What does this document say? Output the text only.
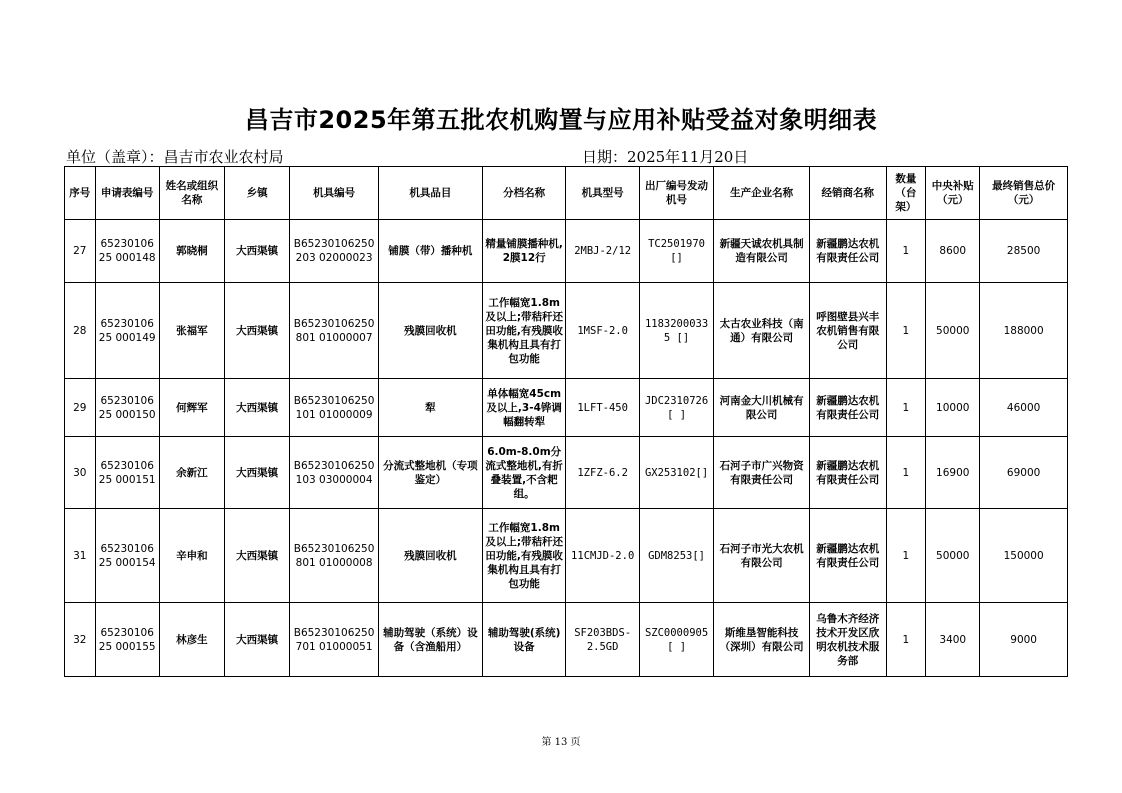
昌吉市2025年第五批农机购置与应用补贴受益对象明细表
单位（盖章）：昌吉市农业农村局	日期：2025年11月20日
序号	申请表编号	姓名或组织名称	乡镇	机具编号	机具品目	分档名称	机具型号	出厂编号发动机号	生产企业名称	经销商名称	数量（台架）	中央补贴（元）	最终销售总价（元）
27	6523010625 000148	郭晓桐	大西渠镇	B65230106250203 02000023	铺膜（带）播种机	精量铺膜播种机,2膜12行	2MBJ-2/12	TC2501970[]	新疆天诚农机具制造有限公司	新疆鹏达农机有限责任公司	1	8600	28500
28	6523010625 000149	张福军	大西渠镇	B65230106250801 01000007	残膜回收机	工作幅宽1.8m及以上;带秸秆还田功能,有残膜收集机构且具有打包功能	1MSF-2.0	11832000335 []	太古农业科技（南通）有限公司	呼图壁县兴丰农机销售有限公司	1	50000	188000
29	6523010625 000150	何辉军	大西渠镇	B65230106250101 01000009	犁	单体幅宽45cm及以上,3-4铧调幅翻转犁	1LFT-450	JDC2310726[ ]	河南金大川机械有限公司	新疆鹏达农机有限责任公司	1	10000	46000
30	6523010625 000151	余新江	大西渠镇	B65230106250103 03000004	分流式整地机（专项鉴定）	6.0m-8.0m分流式整地机,有折叠装置,不含耙组。	1ZFZ-6.2	GX253102[]	石河子市广兴物资有限责任公司	新疆鹏达农机有限责任公司	1	16900	69000
31	6523010625 000154	辛申和	大西渠镇	B65230106250801 01000008	残膜回收机	工作幅宽1.8m及以上;带秸秆还田功能,有残膜收集机构且具有打包功能	11CMJD-2.0	GDM8253[]	石河子市光大农机有限公司	新疆鹏达农机有限责任公司	1	50000	150000
32	6523010625 000155	林彦生	大西渠镇	B65230106250701 01000051	辅助驾驶（系统）设备（含渔船用）	辅助驾驶(系统)设备	SF203BDS-2.5GD	SZC0000905[ ]	斯维垦智能科技（深圳）有限公司	乌鲁木齐经济技术开发区欣明农机技术服务部	1	3400	9000
第 13 页
